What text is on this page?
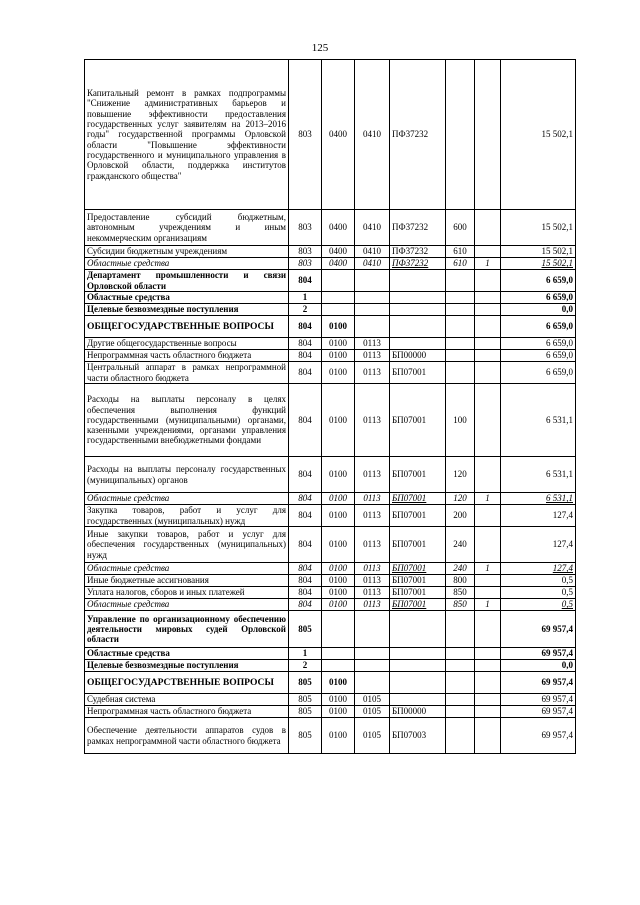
125
Капитальный ремонт в рамках подпрограммы "Снижение административных барьеров и повышение эффективности предоставления государственных услуг заявителям на 2013–2016 годы" государственной программы Орловской области "Повышение эффективности государственного и муниципального управления в Орловской области, поддержка институтов гражданского общества"	803	0400	0410	ПФ37232			15 502,1
Предоставление субсидий бюджетным, автономным учреждениям и иным некоммерческим организациям	803	0400	0410	ПФ37232	600		15 502,1
Субсидии бюджетным учреждениям	803	0400	0410	ПФ37232	610		15 502,1
Областные средства	803	0400	0410	ПФ37232	610	1	15 502,1
Департамент промышленности и связи Орловской области	804						6 659,0
Областные средства	1						6 659,0
Целевые безвозмездные поступления	2						0,0
ОБЩЕГОСУДАРСТВЕННЫЕ ВОПРОСЫ	804	0100					6 659,0
Другие общегосударственные вопросы	804	0100	0113				6 659,0
Непрограммная часть областного бюджета	804	0100	0113	БП00000			6 659,0
Центральный аппарат в рамках непрограммной части областного бюджета	804	0100	0113	БП07001			6 659,0
Расходы на выплаты персоналу в целях обеспечения выполнения функций государственными (муниципальными) органами, казенными учреждениями, органами управления государственными внебюджетными фондами	804	0100	0113	БП07001	100		6 531,1
Расходы на выплаты персоналу государственных (муниципальных) органов	804	0100	0113	БП07001	120		6 531,1
Областные средства	804	0100	0113	БП07001	120	1	6 531,1
Закупка товаров, работ и услуг для государственных (муниципальных) нужд	804	0100	0113	БП07001	200		127,4
Иные закупки товаров, работ и услуг для обеспечения государственных (муниципальных) нужд	804	0100	0113	БП07001	240		127,4
Областные средства	804	0100	0113	БП07001	240	1	127,4
Иные бюджетные ассигнования	804	0100	0113	БП07001	800		0,5
Уплата налогов, сборов и иных платежей	804	0100	0113	БП07001	850		0,5
Областные средства	804	0100	0113	БП07001	850	1	0,5
Управление по организационному обеспечению деятельности мировых судей Орловской области	805						69 957,4
Областные средства	1						69 957,4
Целевые безвозмездные поступления	2						0,0
ОБЩЕГОСУДАРСТВЕННЫЕ ВОПРОСЫ	805	0100					69 957,4
Судебная система	805	0100	0105				69 957,4
Непрограммная часть областного бюджета	805	0100	0105	БП00000			69 957,4
Обеспечение деятельности аппаратов судов в рамках непрограммной части областного бюджета	805	0100	0105	БП07003			69 957,4
